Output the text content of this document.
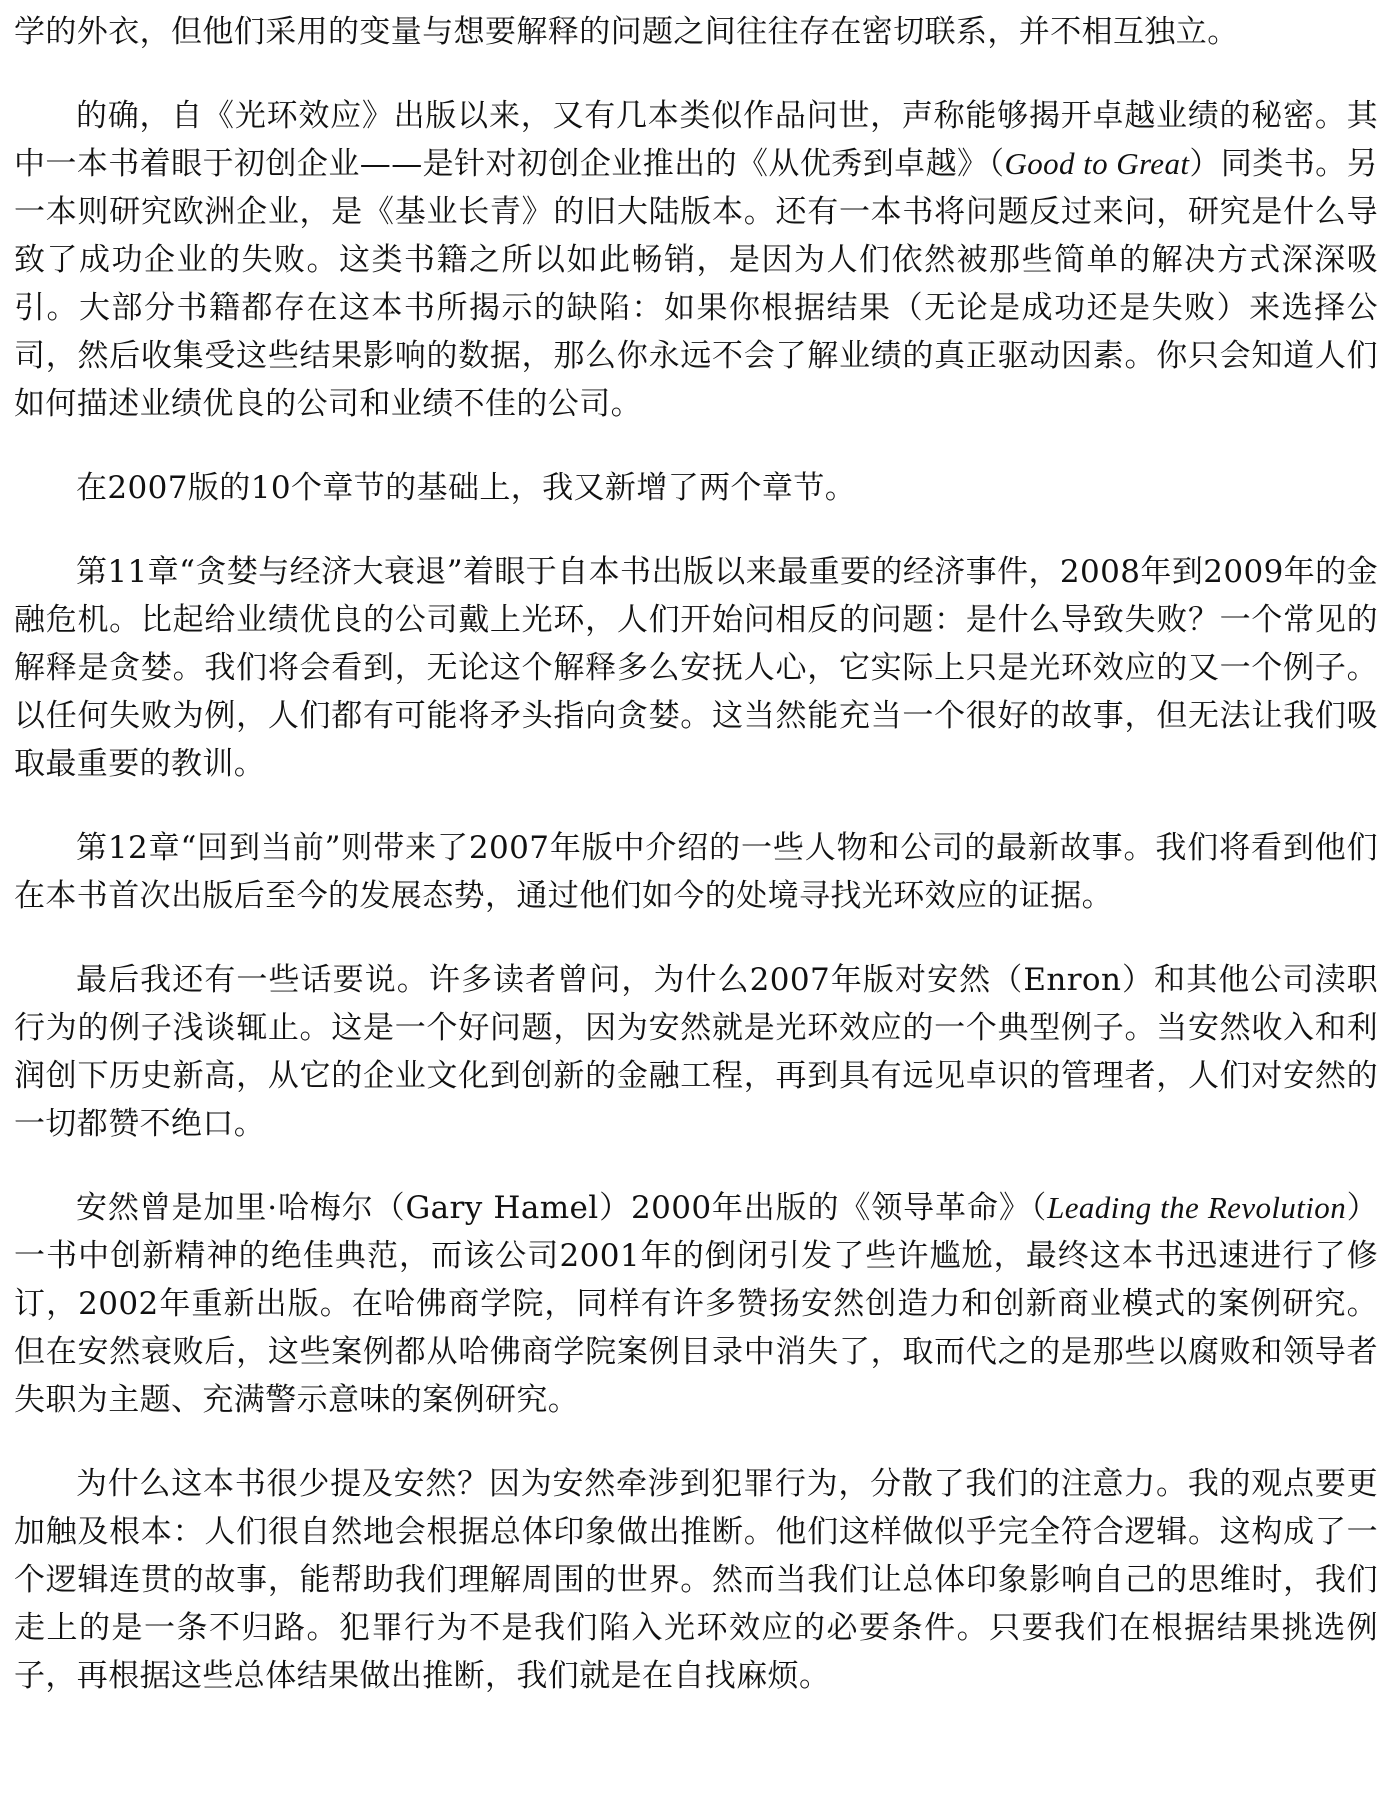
学的外衣，但他们采用的变量与想要解释的问题之间往往存在密切联系，并不相互独立。

的确，自《光环效应》出版以来，又有几本类似作品问世，声称能够揭开卓越业绩的秘密。其中一本书着眼于初创企业——是针对初创企业推出的《从优秀到卓越》（Good to Great）同类书。另一本则研究欧洲企业，是《基业长青》的旧大陆版本。还有一本书将问题反过来问，研究是什么导致了成功企业的失败。这类书籍之所以如此畅销，是因为人们依然被那些简单的解决方式深深吸引。大部分书籍都存在这本书所揭示的缺陷：如果你根据结果（无论是成功还是失败）来选择公司，然后收集受这些结果影响的数据，那么你永远不会了解业绩的真正驱动因素。你只会知道人们如何描述业绩优良的公司和业绩不佳的公司。

在2007版的10个章节的基础上，我又新增了两个章节。

第11章“贪婪与经济大衰退”着眼于自本书出版以来最重要的经济事件，2008年到2009年的金融危机。比起给业绩优良的公司戴上光环，人们开始问相反的问题：是什么导致失败？一个常见的解释是贪婪。我们将会看到，无论这个解释多么安抚人心，它实际上只是光环效应的又一个例子。以任何失败为例，人们都有可能将矛头指向贪婪。这当然能充当一个很好的故事，但无法让我们吸取最重要的教训。

第12章“回到当前”则带来了2007年版中介绍的一些人物和公司的最新故事。我们将看到他们在本书首次出版后至今的发展态势，通过他们如今的处境寻找光环效应的证据。

最后我还有一些话要说。许多读者曾问，为什么2007年版对安然（Enron）和其他公司渎职行为的例子浅谈辄止。这是一个好问题，因为安然就是光环效应的一个典型例子。当安然收入和利润创下历史新高，从它的企业文化到创新的金融工程，再到具有远见卓识的管理者，人们对安然的一切都赞不绝口。

安然曾是加里·哈梅尔（Gary Hamel）2000年出版的《领导革命》（Leading the Revolution）一书中创新精神的绝佳典范，而该公司2001年的倒闭引发了些许尴尬，最终这本书迅速进行了修订，2002年重新出版。在哈佛商学院，同样有许多赞扬安然创造力和创新商业模式的案例研究。但在安然衰败后，这些案例都从哈佛商学院案例目录中消失了，取而代之的是那些以腐败和领导者失职为主题、充满警示意味的案例研究。

为什么这本书很少提及安然？因为安然牵涉到犯罪行为，分散了我们的注意力。我的观点要更加触及根本：人们很自然地会根据总体印象做出推断。他们这样做似乎完全符合逻辑。这构成了一个逻辑连贯的故事，能帮助我们理解周围的世界。然而当我们让总体印象影响自己的思维时，我们走上的是一条不归路。犯罪行为不是我们陷入光环效应的必要条件。只要我们在根据结果挑选例子，再根据这些总体结果做出推断，我们就是在自找麻烦。
